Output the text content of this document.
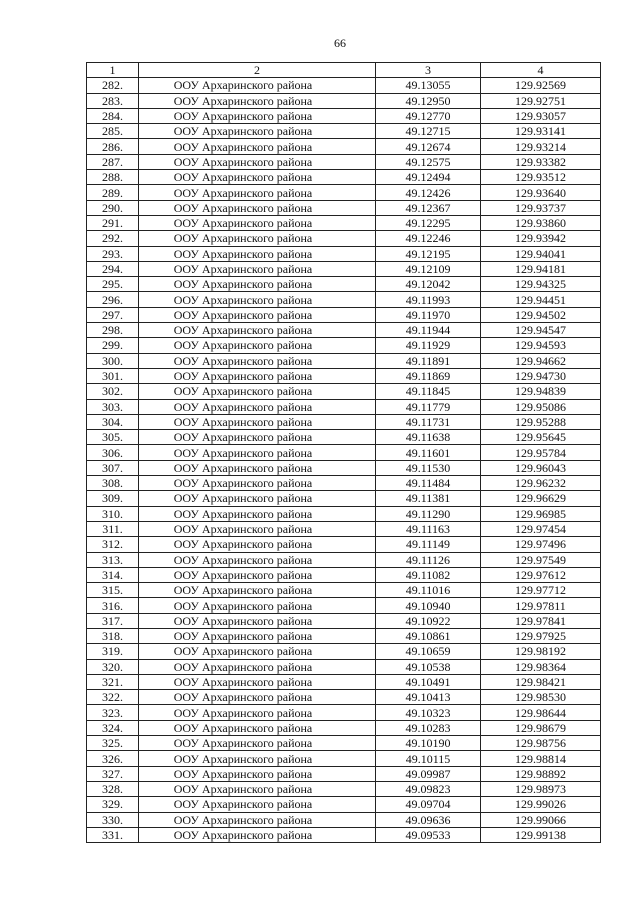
66
1	2	3	4
282.	ООУ Архаринского района	49.13055	129.92569
283.	ООУ Архаринского района	49.12950	129.92751
284.	ООУ Архаринского района	49.12770	129.93057
285.	ООУ Архаринского района	49.12715	129.93141
286.	ООУ Архаринского района	49.12674	129.93214
287.	ООУ Архаринского района	49.12575	129.93382
288.	ООУ Архаринского района	49.12494	129.93512
289.	ООУ Архаринского района	49.12426	129.93640
290.	ООУ Архаринского района	49.12367	129.93737
291.	ООУ Архаринского района	49.12295	129.93860
292.	ООУ Архаринского района	49.12246	129.93942
293.	ООУ Архаринского района	49.12195	129.94041
294.	ООУ Архаринского района	49.12109	129.94181
295.	ООУ Архаринского района	49.12042	129.94325
296.	ООУ Архаринского района	49.11993	129.94451
297.	ООУ Архаринского района	49.11970	129.94502
298.	ООУ Архаринского района	49.11944	129.94547
299.	ООУ Архаринского района	49.11929	129.94593
300.	ООУ Архаринского района	49.11891	129.94662
301.	ООУ Архаринского района	49.11869	129.94730
302.	ООУ Архаринского района	49.11845	129.94839
303.	ООУ Архаринского района	49.11779	129.95086
304.	ООУ Архаринского района	49.11731	129.95288
305.	ООУ Архаринского района	49.11638	129.95645
306.	ООУ Архаринского района	49.11601	129.95784
307.	ООУ Архаринского района	49.11530	129.96043
308.	ООУ Архаринского района	49.11484	129.96232
309.	ООУ Архаринского района	49.11381	129.96629
310.	ООУ Архаринского района	49.11290	129.96985
311.	ООУ Архаринского района	49.11163	129.97454
312.	ООУ Архаринского района	49.11149	129.97496
313.	ООУ Архаринского района	49.11126	129.97549
314.	ООУ Архаринского района	49.11082	129.97612
315.	ООУ Архаринского района	49.11016	129.97712
316.	ООУ Архаринского района	49.10940	129.97811
317.	ООУ Архаринского района	49.10922	129.97841
318.	ООУ Архаринского района	49.10861	129.97925
319.	ООУ Архаринского района	49.10659	129.98192
320.	ООУ Архаринского района	49.10538	129.98364
321.	ООУ Архаринского района	49.10491	129.98421
322.	ООУ Архаринского района	49.10413	129.98530
323.	ООУ Архаринского района	49.10323	129.98644
324.	ООУ Архаринского района	49.10283	129.98679
325.	ООУ Архаринского района	49.10190	129.98756
326.	ООУ Архаринского района	49.10115	129.98814
327.	ООУ Архаринского района	49.09987	129.98892
328.	ООУ Архаринского района	49.09823	129.98973
329.	ООУ Архаринского района	49.09704	129.99026
330.	ООУ Архаринского района	49.09636	129.99066
331.	ООУ Архаринского района	49.09533	129.99138
